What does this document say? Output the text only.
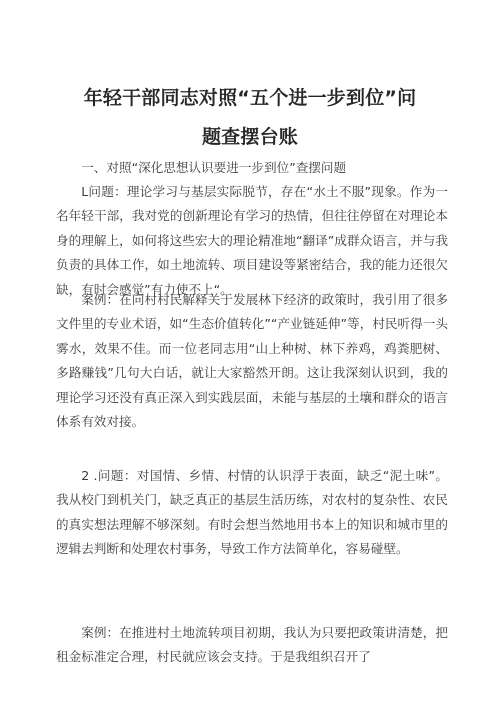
年轻干部同志对照“五个进一步到位”问
题查摆台账

一、对照“深化思想认识要进一步到位”查摆问题

L问题：理论学习与基层实际脱节，存在“水土不服”现象。作为一名年轻干部，我对党的创新理论有学习的热情，但往往停留在对理论本身的理解上，如何将这些宏大的理论精准地“翻译”成群众语言，并与我负责的具体工作，如土地流转、项目建设等紧密结合，我的能力还很欠缺，有时会感觉”有力使不上“。

案例：在向村村民解释关于发展林下经济的政策时，我引用了很多文件里的专业术语，如“生态价值转化”“产业链延伸”等，村民听得一头雾水，效果不佳。而一位老同志用“山上种树、林下养鸡，鸡粪肥树、多路赚钱”几句大白话，就让大家豁然开朗。这让我深刻认识到，我的理论学习还没有真正深入到实践层面，未能与基层的土壤和群众的语言体系有效对接。

2 .问题：对国情、乡情、村情的认识浮于表面，缺乏“泥土味”。我从校门到机关门，缺乏真正的基层生活历练，对农村的复杂性、农民的真实想法理解不够深刻。有时会想当然地用书本上的知识和城市里的逻辑去判断和处理农村事务，导致工作方法简单化，容易碰壁。

案例：在推进村土地流转项目初期，我认为只要把政策讲清楚，把租金标准定合理，村民就应该会支持。于是我组织召开了
